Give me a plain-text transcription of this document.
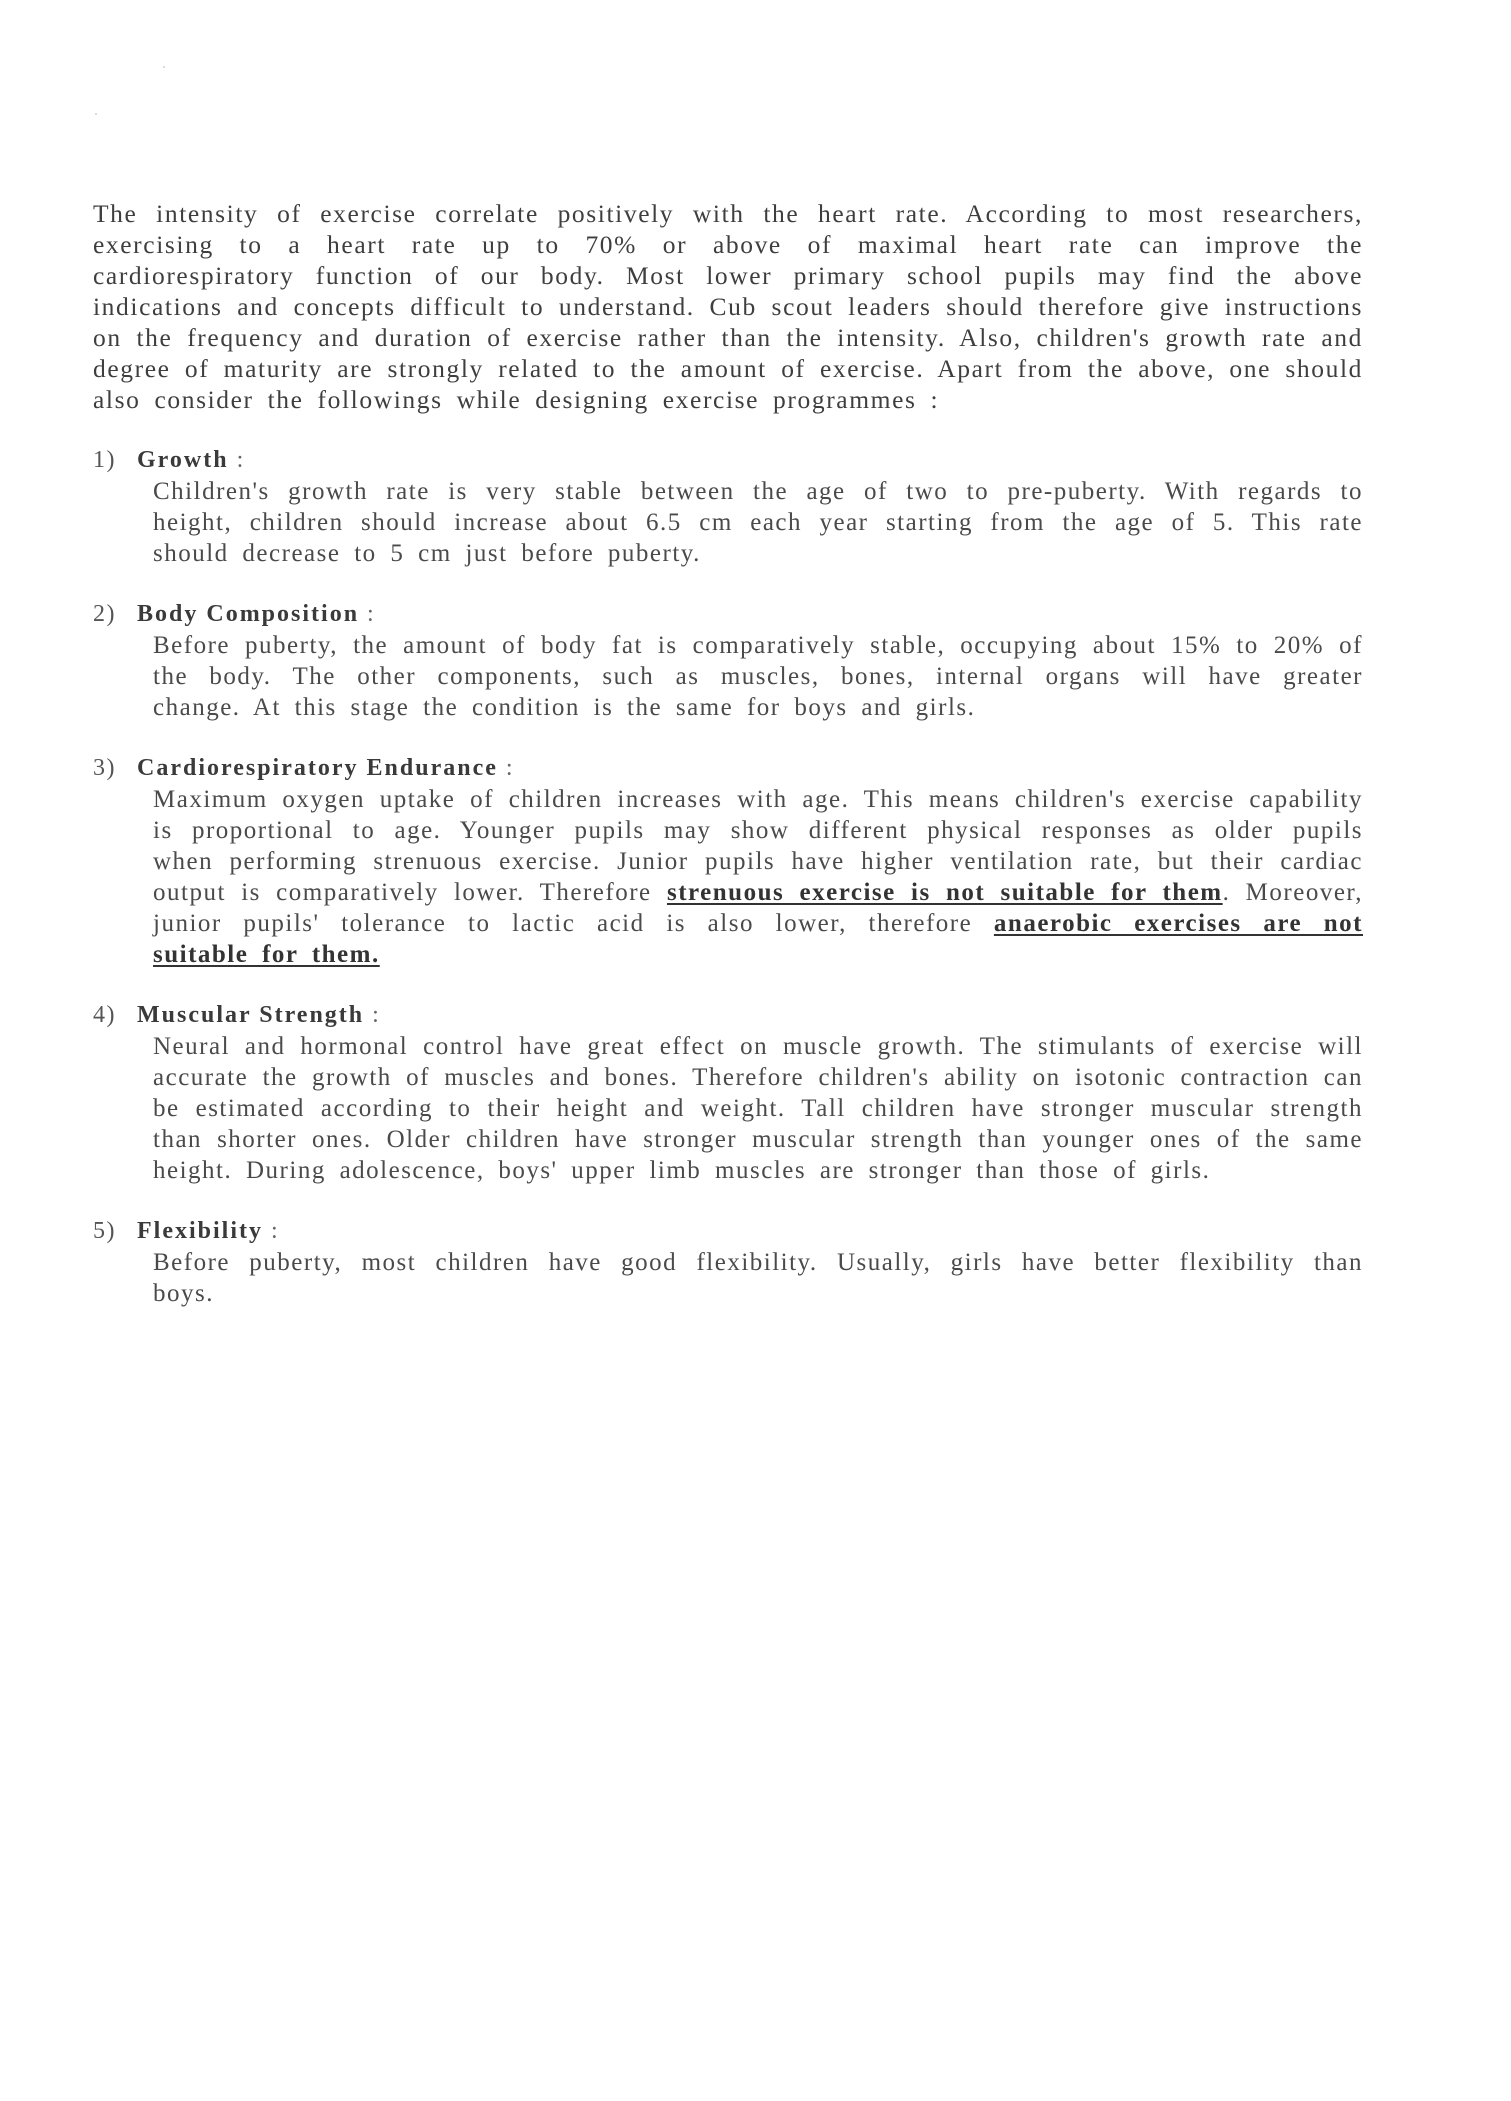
The intensity of exercise correlate positively with the heart rate. According to most researchers, exercising to a heart rate up to 70% or above of maximal heart rate can improve the cardiorespiratory function of our body. Most lower primary school pupils may find the above indications and concepts difficult to understand. Cub scout leaders should therefore give instructions on the frequency and duration of exercise rather than the intensity. Also, children's growth rate and degree of maturity are strongly related to the amount of exercise. Apart from the above, one should also consider the followings while designing exercise programmes :

1) Growth :

Children's growth rate is very stable between the age of two to pre-puberty. With regards to height, children should increase about 6.5 cm each year starting from the age of 5. This rate should decrease to 5 cm just before puberty.

2) Body Composition :

Before puberty, the amount of body fat is comparatively stable, occupying about 15% to 20% of the body. The other components, such as muscles, bones, internal organs will have greater change. At this stage the condition is the same for boys and girls.

3) Cardiorespiratory Endurance :

Maximum oxygen uptake of children increases with age. This means children's exercise capability is proportional to age. Younger pupils may show different physical responses as older pupils when performing strenuous exercise. Junior pupils have higher ventilation rate, but their cardiac output is comparatively lower. Therefore strenuous exercise is not suitable for them. Moreover, junior pupils' tolerance to lactic acid is also lower, therefore anaerobic exercises are not suitable for them.

4) Muscular Strength :

Neural and hormonal control have great effect on muscle growth. The stimulants of exercise will accurate the growth of muscles and bones. Therefore children's ability on isotonic contraction can be estimated according to their height and weight. Tall children have stronger muscular strength than shorter ones. Older children have stronger muscular strength than younger ones of the same height. During adolescence, boys' upper limb muscles are stronger than those of girls.

5) Flexibility :

Before puberty, most children have good flexibility. Usually, girls have better flexibility than boys.
